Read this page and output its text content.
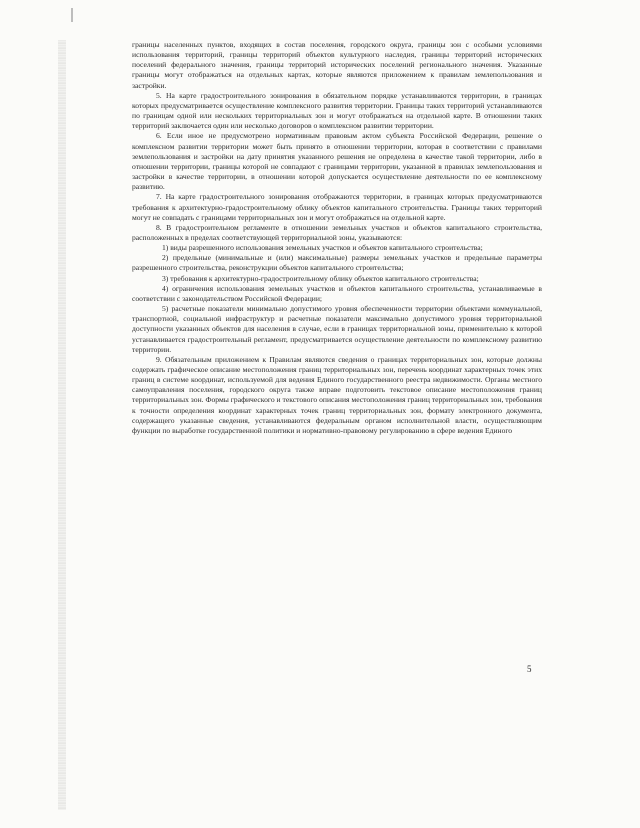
границы населенных пунктов, входящих в состав поселения, городского округа, границы зон с особыми условиями использования территорий, границы территорий объектов культурного наследия, границы территорий исторических поселений федерального значения, границы территорий исторических поселений регионального значения. Указанные границы могут отображаться на отдельных картах, которые являются приложением к правилам землепользования и застройки.

5. На карте градостроительного зонирования в обязательном порядке устанавливаются территории, в границах которых предусматривается осуществление комплексного развития территории. Границы таких территорий устанавливаются по границам одной или нескольких территориальных зон и могут отображаться на отдельной карте. В отношении таких территорий заключается один или несколько договоров о комплексном развитии территории.

6. Если иное не предусмотрено нормативным правовым актом субъекта Российской Федерации, решение о комплексном развитии территории может быть принято в отношении территории, которая в соответствии с правилами землепользования и застройки на дату принятия указанного решения не определена в качестве такой территории, либо в отношении территории, границы которой не совпадают с границами территории, указанной в правилах землепользования и застройки в качестве территории, в отношении которой допускается осуществление деятельности по ее комплексному развитию.

7. На карте градостроительного зонирования отображаются территории, в границах которых предусматриваются требования к архитектурно-градостроительному облику объектов капитального строительства. Границы таких территорий могут не совпадать с границами территориальных зон и могут отображаться на отдельной карте.

8. В градостроительном регламенте в отношении земельных участков и объектов капитального строительства, расположенных в пределах соответствующей территориальной зоны, указываются:

1) виды разрешенного использования земельных участков и объектов капитального строительства;

2) предельные (минимальные и (или) максимальные) размеры земельных участков и предельные параметры разрешенного строительства, реконструкции объектов капитального строительства;

3) требования к архитектурно-градостроительному облику объектов капитального строительства;

4) ограничения использования земельных участков и объектов капитального строительства, устанавливаемые в соответствии с законодательством Российской Федерации;

5) расчетные показатели минимально допустимого уровня обеспеченности территории объектами коммунальной, транспортной, социальной инфраструктур и расчетные показатели максимально допустимого уровня территориальной доступности указанных объектов для населения в случае, если в границах территориальной зоны, применительно к которой устанавливается градостроительный регламент, предусматривается осуществление деятельности по комплексному развитию территории.

9. Обязательным приложением к Правилам являются сведения о границах территориальных зон, которые должны содержать графическое описание местоположения границ территориальных зон, перечень координат характерных точек этих границ в системе координат, используемой для ведения Единого государственного реестра недвижимости. Органы местного самоуправления поселения, городского округа также вправе подготовить текстовое описание местоположения границ территориальных зон. Формы графического и текстового описания местоположения границ территориальных зон, требования к точности определения координат характерных точек границ территориальных зон, формату электронного документа, содержащего указанные сведения, устанавливаются федеральным органом исполнительной власти, осуществляющим функции по выработке государственной политики и нормативно-правовому регулированию в сфере ведения Единого

5
